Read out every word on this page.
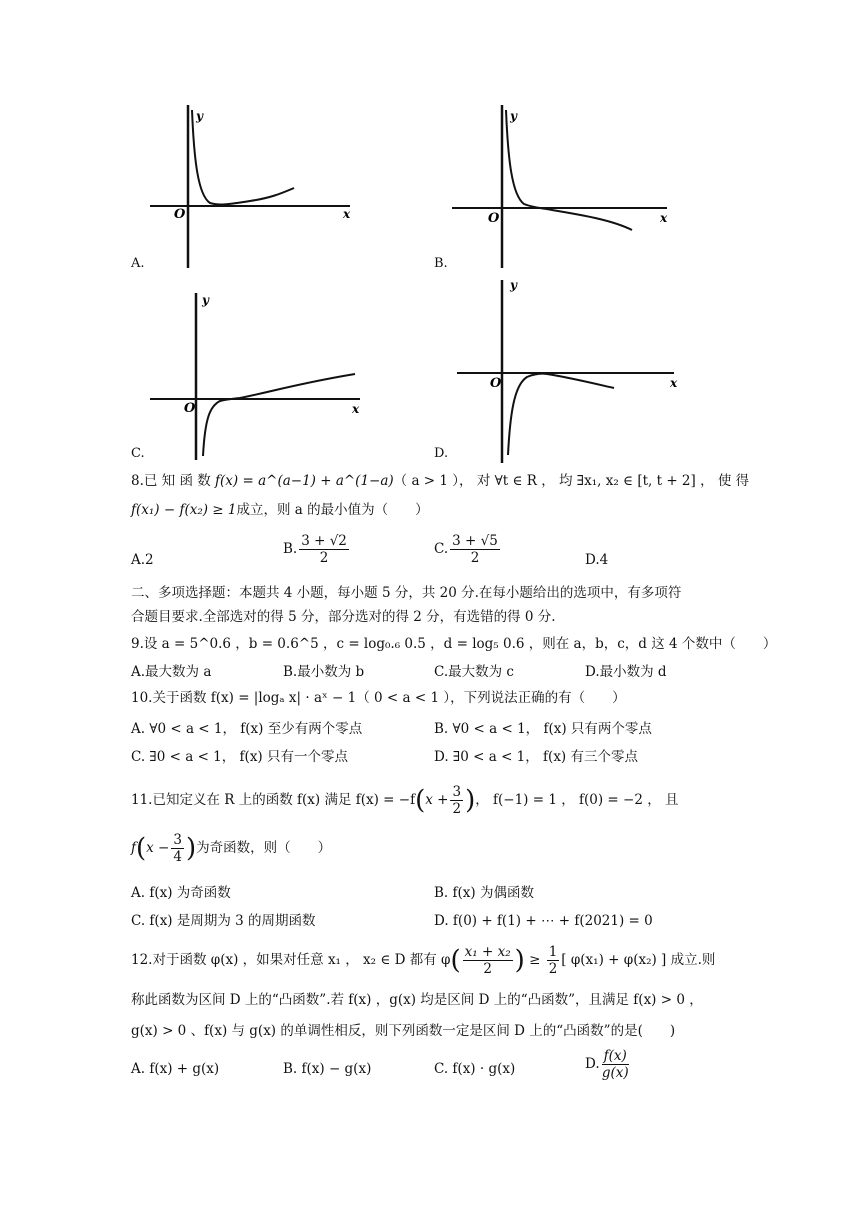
y
x
O
A.
y
x
O
B.
y
x
O
C.
y
x
O
D.
8.已 知 函 数 f(x) = a^(a−1) + a^(1−a)（ a > 1 ）， 对 ∀t ∈ R ， 均 ∃x₁, x₂ ∈ [t, t + 2] ， 使 得
f(x₁) − f(x₂) ≥ 1成立，则 a 的最小值为（　　）
A.2
B. $\frac{3 + √2}{2}$	C. $\frac{3 + √5}{2}$	D.4
二、多项选择题：本题共 4 小题，每小题 5 分，共 20 分.在每小题给出的选项中，有多项符
合题目要求.全部选对的得 5 分，部分选对的得 2 分，有选错的得 0 分.
9.设 a = 5^0.6 ，b = 0.6^5 ，c = log₀.₆ 0.5 ，d = log₅ 0.6 ，则在 a，b，c，d 这 4 个数中（　　）
A.最大数为 a	B.最小数为 b	C.最大数为 c	D.最小数为 d
10.关于函数 f(x) = |logₐ x| · aˣ − 1（ 0 < a < 1 ），下列说法正确的有（　　）
A. ∀0 < a < 1， f(x) 至少有两个零点	B. ∀0 < a < 1， f(x) 只有两个零点
C. ∃0 < a < 1， f(x) 只有一个零点	D. ∃0 < a < 1， f(x) 有三个零点
11.已知定义在 R 上的函数 f(x) 满足 $f(x) = -f(x + \frac{3}{2}$ )， f(−1) = 1 ， f(0) = −2 ， 且
$f(x - \frac{3}{4}$ )为奇函数，则（　　）
A. f(x) 为奇函数	B. f(x) 为偶函数
C. f(x) 是周期为 3 的周期函数	D. f(0) + f(1) + ⋯ + f(2021) = 0
12.对于函数 φ(x) ，如果对任意 x₁ ， x₂ ∈ D 都有 $\varphi( \frac{\text{x₁ + x₂}}{2}$ ) ≥ $\frac{1}{2}$ [ φ(x₁) + φ(x₂) ] 成立.则
称此函数为区间 D 上的“凸函数”.若 f(x) ，g(x) 均是区间 D 上的“凸函数”，且满足 f(x) > 0 ，
g(x) > 0 、f(x) 与 g(x) 的单调性相反，则下列函数一定是区间 D 上的“凸函数”的是(　　)
A. f(x) + g(x)	B. f(x) − g(x)	C. f(x) · g(x)	D. $\frac{f(x)}{g(x)}$
